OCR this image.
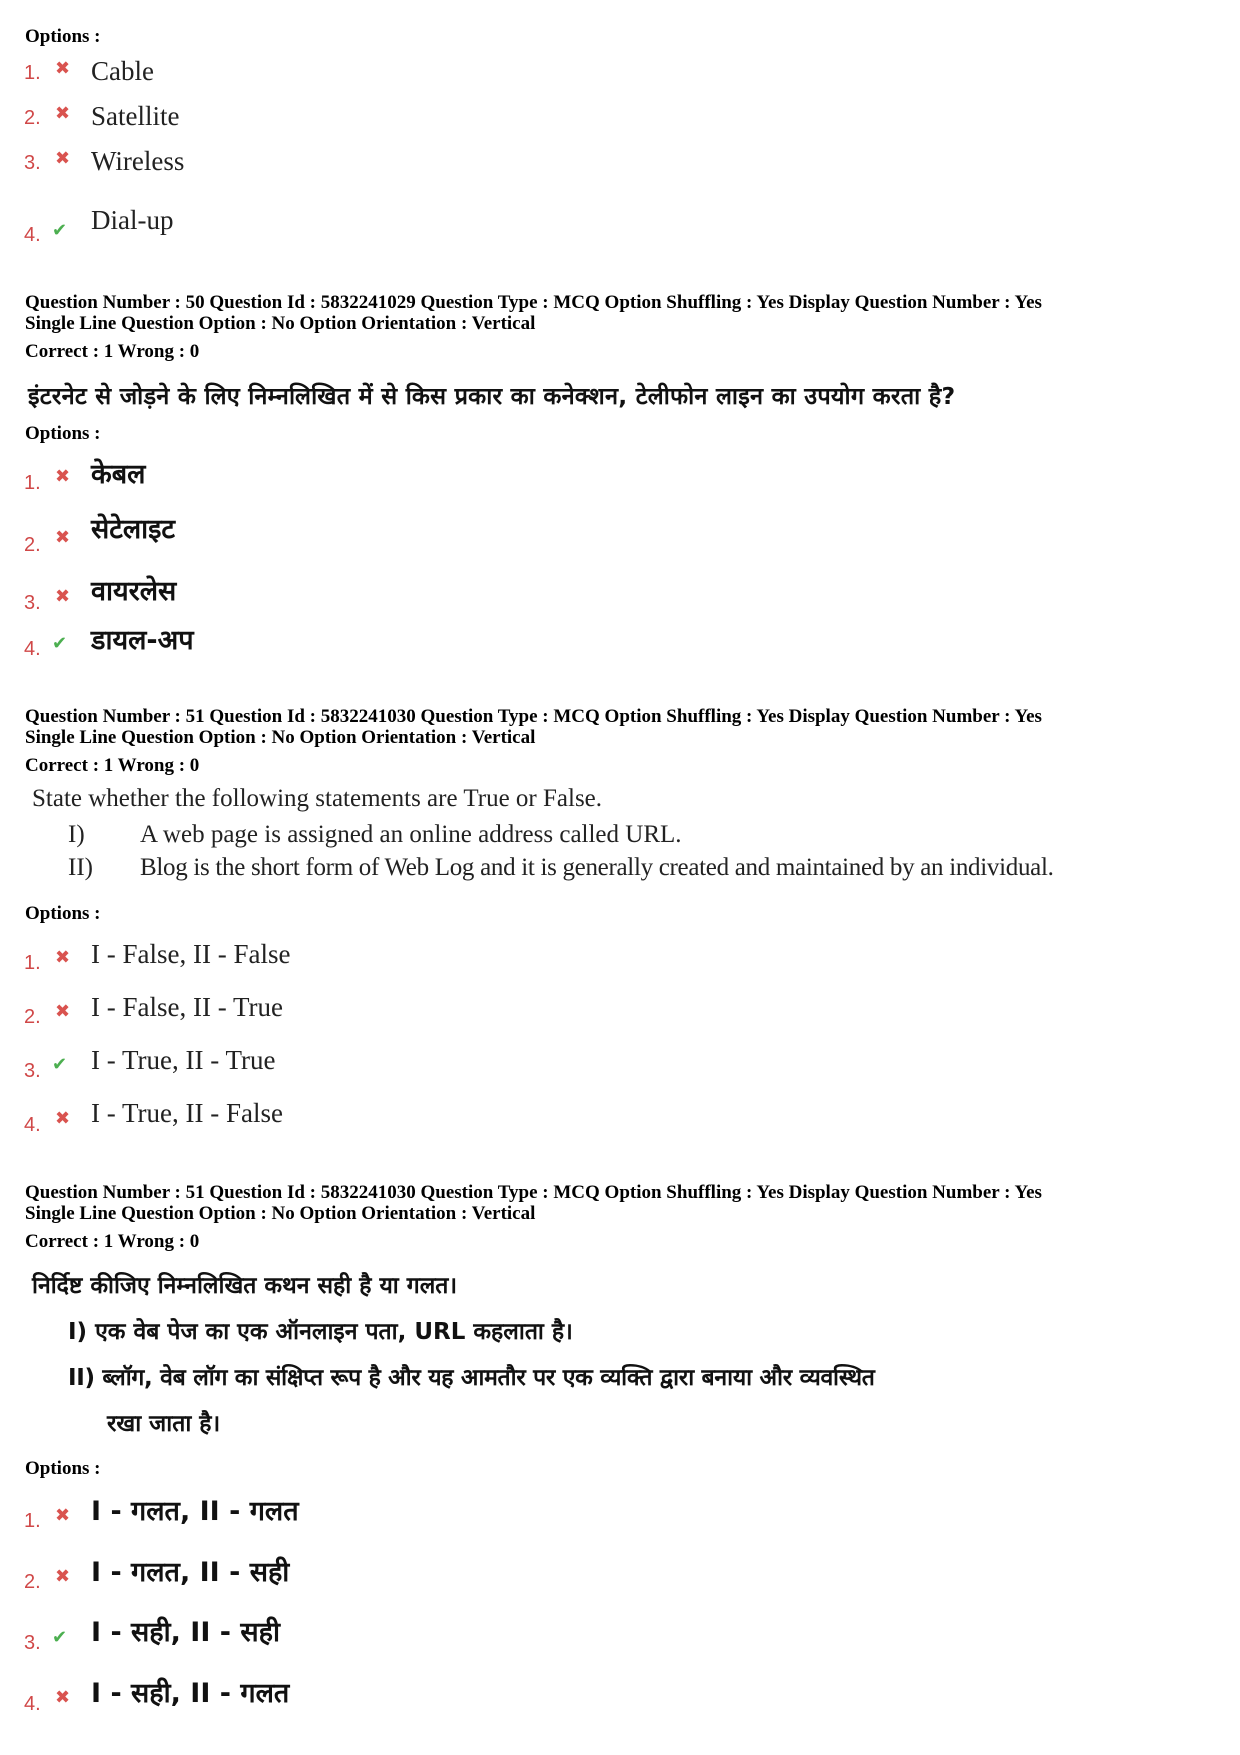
Options :
1. ✖ Cable
2. ✖ Satellite
3. ✖ Wireless
4. ✔ Dial-up
Question Number : 50 Question Id : 5832241029 Question Type : MCQ Option Shuffling : Yes Display Question Number : Yes
Single Line Question Option : No Option Orientation : Vertical
Correct : 1 Wrong : 0
इंटरनेट से जोड़ने के लिए निम्नलिखित में से किस प्रकार का कनेक्शन, टेलीफोन लाइन का उपयोग करता है?
Options :
1. ✖ केबल
2. ✖ सेटेलाइट
3. ✖ वायरलेस
4. ✔ डायल-अप
Question Number : 51 Question Id : 5832241030 Question Type : MCQ Option Shuffling : Yes Display Question Number : Yes
Single Line Question Option : No Option Orientation : Vertical
Correct : 1 Wrong : 0
State whether the following statements are True or False.
I) A web page is assigned an online address called URL.
II) Blog is the short form of Web Log and it is generally created and maintained by an individual.
Options :
1. ✖ I - False, II - False
2. ✖ I - False, II - True
3. ✔ I - True, II - True
4. ✖ I - True, II - False
Question Number : 51 Question Id : 5832241030 Question Type : MCQ Option Shuffling : Yes Display Question Number : Yes
Single Line Question Option : No Option Orientation : Vertical
Correct : 1 Wrong : 0
निर्दिष्ट कीजिए निम्नलिखित कथन सही है या गलत।
I) एक वेब पेज का एक ऑनलाइन पता, URL कहलाता है।
II) ब्लॉग, वेब लॉग का संक्षिप्त रूप है और यह आमतौर पर एक व्यक्ति द्वारा बनाया और व्यवस्थित
रखा जाता है।
Options :
1. ✖ I - गलत, II - गलत
2. ✖ I - गलत, II - सही
3. ✔ I - सही, II - सही
4. ✖ I - सही, II - गलत
